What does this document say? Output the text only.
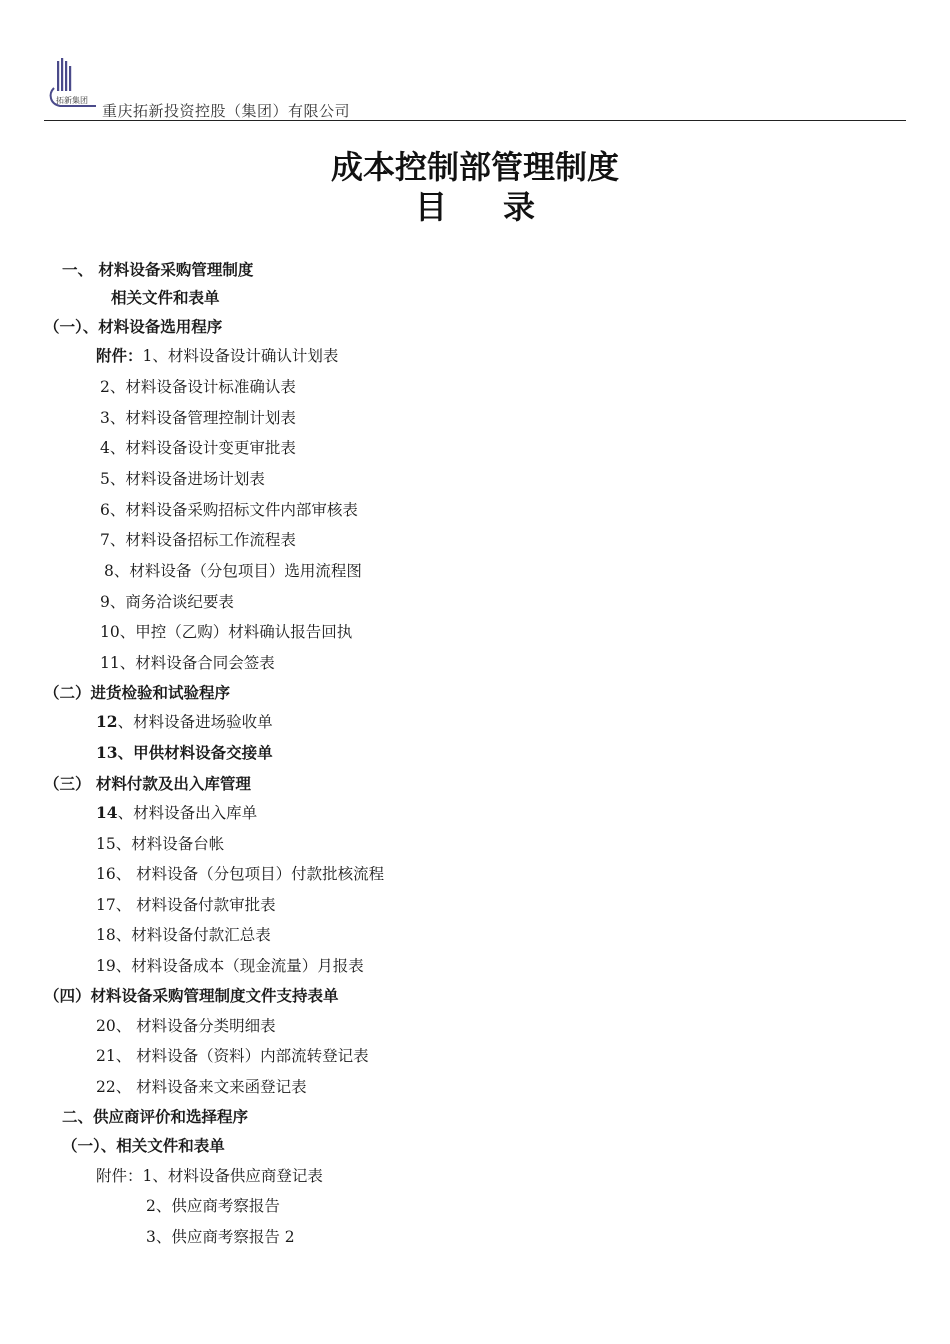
拓新集团
重庆拓新投资控股（集团）有限公司
成本控制部管理制度
目录
一、 材料设备采购管理制度
相关文件和表单
（一）、材料设备选用程序
附件：1、材料设备设计确认计划表
2、材料设备设计标准确认表
3、材料设备管理控制计划表
4、材料设备设计变更审批表
5、材料设备进场计划表
6、材料设备采购招标文件内部审核表
7、材料设备招标工作流程表
8、材料设备（分包项目）选用流程图
9、商务洽谈纪要表
10、甲控（乙购）材料确认报告回执
11、材料设备合同会签表
（二）进货检验和试验程序
12、材料设备进场验收单
13、甲供材料设备交接单
（三） 材料付款及出入库管理
14、材料设备出入库单
15、材料设备台帐
16、 材料设备（分包项目）付款批核流程
17、 材料设备付款审批表
18、材料设备付款汇总表
19、材料设备成本（现金流量）月报表
（四）材料设备采购管理制度文件支持表单
20、 材料设备分类明细表
21、 材料设备（资料）内部流转登记表
22、 材料设备来文来函登记表
二、供应商评价和选择程序
（一）、相关文件和表单
附件：1、材料设备供应商登记表
2、供应商考察报告
3、供应商考察报告 2
